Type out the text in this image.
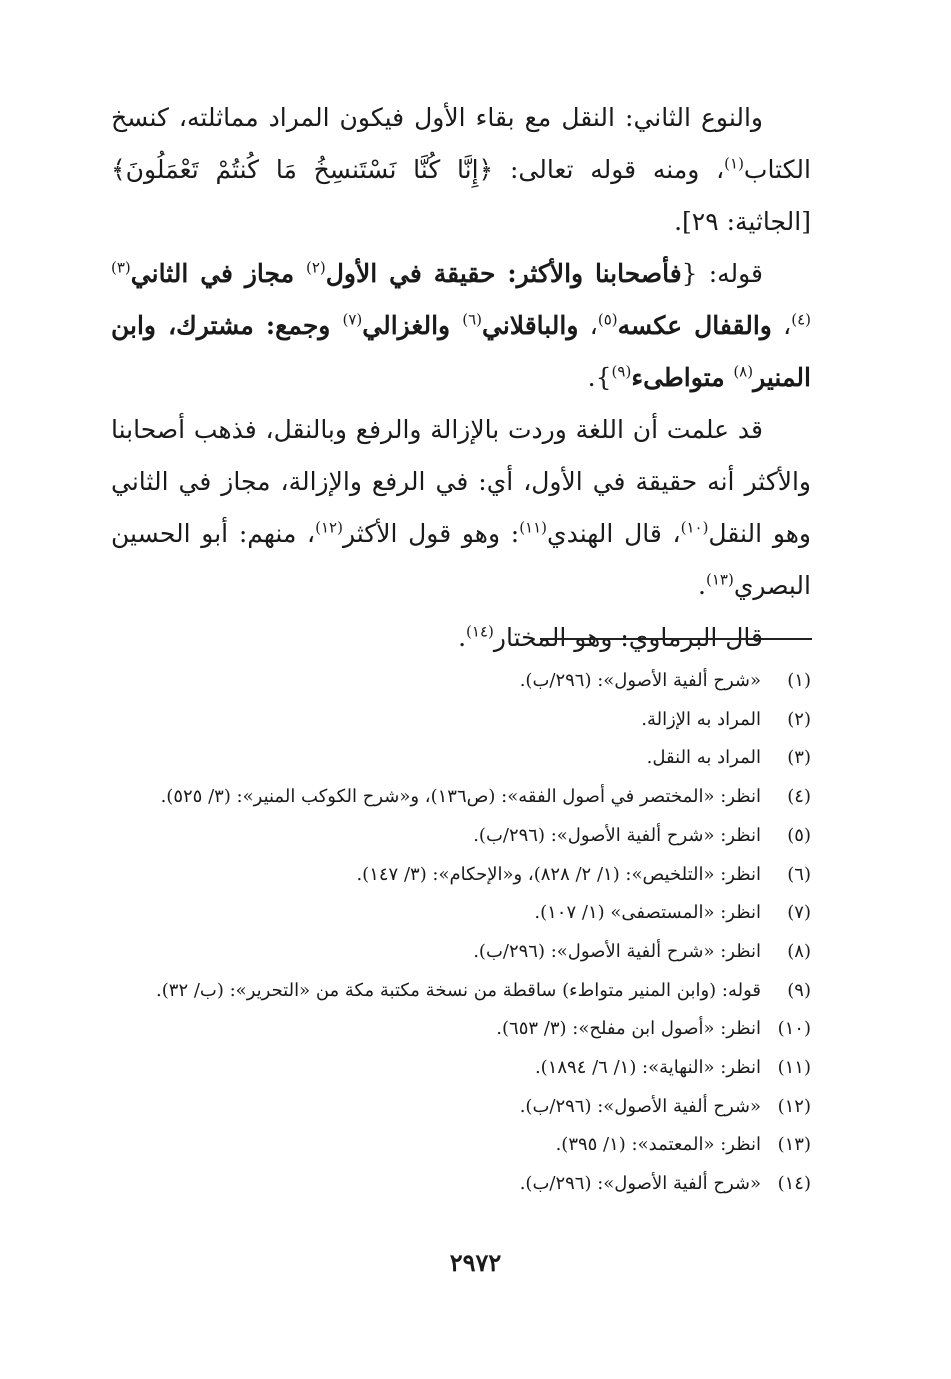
والنوع الثاني: النقل مع بقاء الأول فيكون المراد مماثلته، كنسخ الكتاب$^{(١)}$، ومنه قوله تعالى: ﴿إِنَّا كُنَّا نَسْتَنسِخُ مَا كُنتُمْ تَعْمَلُونَ﴾ [الجاثية: ٢٩].

قوله: {فأصحابنا والأكثر: حقيقة في الأول$^{(٢)}$ مجاز في الثاني$^{(٣)(٤)}$، والقفال عكسه$^{(٥)}$، والباقلاني$^{(٦)}$ والغزالي$^{(٧)}$ وجمع: مشترك، وابن المنير$^{(٨)}$ متواطىء$^{(٩)}$}.

قد علمت أن اللغة وردت بالإزالة والرفع وبالنقل، فذهب أصحابنا والأكثر أنه حقيقة في الأول، أي: في الرفع والإزالة، مجاز في الثاني وهو النقل$^{(١٠)}$، قال الهندي$^{(١١)}$: وهو قول الأكثر$^{(١٢)}$، منهم: أبو الحسين البصري$^{(١٣)}$.

قال البرماوي: وهو المختار$^{(١٤)}$.

(١)
«شرح ألفية الأصول»: (٢٩٦/ب).
(٢)
المراد به الإزالة.
(٣)
المراد به النقل.
(٤)
انظر: «المختصر في أصول الفقه»: (ص١٣٦)، و«شرح الكوكب المنير»: (٣/ ٥٢٥).
(٥)
انظر: «شرح ألفية الأصول»: (٢٩٦/ب).
(٦)
انظر: «التلخيص»: (١/ ٢/ ٨٢٨)، و«الإحكام»: (٣/ ١٤٧).
(٧)
انظر: «المستصفى» (١/ ١٠٧).
(٨)
انظر: «شرح ألفية الأصول»: (٢٩٦/ب).
(٩)
قوله: (وابن المنير متواطء) ساقطة من نسخة مكتبة مكة من «التحرير»: (ب/ ٣٢).
(١٠)
انظر: «أصول ابن مفلح»: (٣/ ٦٥٣).
(١١)
انظر: «النهاية»: (١/ ٦/ ١٨٩٤).
(١٢)
«شرح ألفية الأصول»: (٢٩٦/ب).
(١٣)
انظر: «المعتمد»: (١/ ٣٩٥).
(١٤)
«شرح ألفية الأصول»: (٢٩٦/ب).
٢٩٧٢
